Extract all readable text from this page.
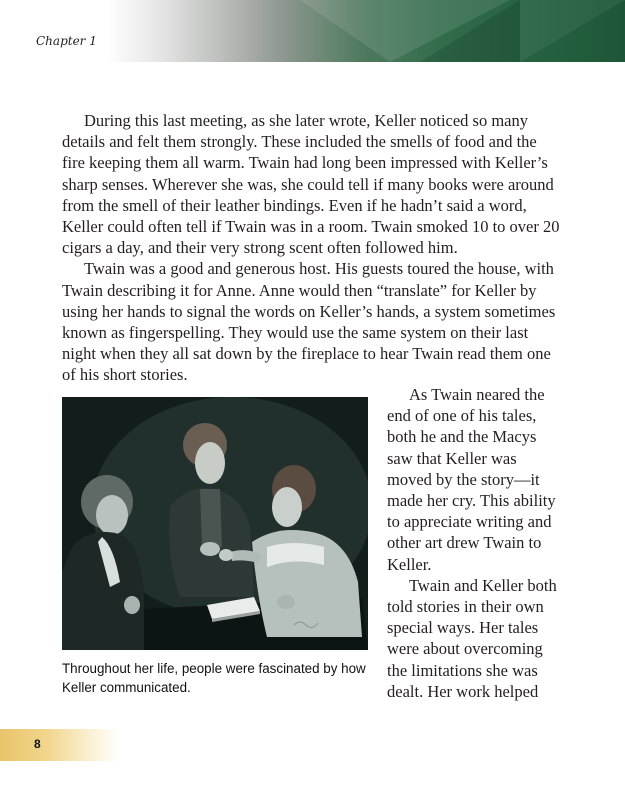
Chapter 1

During this last meeting, as she later wrote, Keller noticed so many details and felt them strongly. These included the smells of food and the fire keeping them all warm. Twain had long been impressed with Keller’s sharp senses. Wherever she was, she could tell if many books were around from the smell of their leather bindings. Even if he hadn’t said a word, Keller could often tell if Twain was in a room. Twain smoked 10 to over 20 cigars a day, and their very strong scent often followed him.

Twain was a good and generous host. His guests toured the house, with Twain describing it for Anne. Anne would then “translate” for Keller by using her hands to signal the words on Keller’s hands, a system sometimes known as fingerspelling. They would use the same system on their last night when they all sat down by the fireplace to hear Twain read them one of his short stories.

Throughout her life, people were fascinated by how Keller communicated.

As Twain neared the end of one of his tales, both he and the Macys saw that Keller was moved by the story—it made her cry. This ability to appreciate writing and other art drew Twain to Keller.

Twain and Keller both told stories in their own special ways. Her tales were about overcoming the limitations she was dealt. Her work helped

8
